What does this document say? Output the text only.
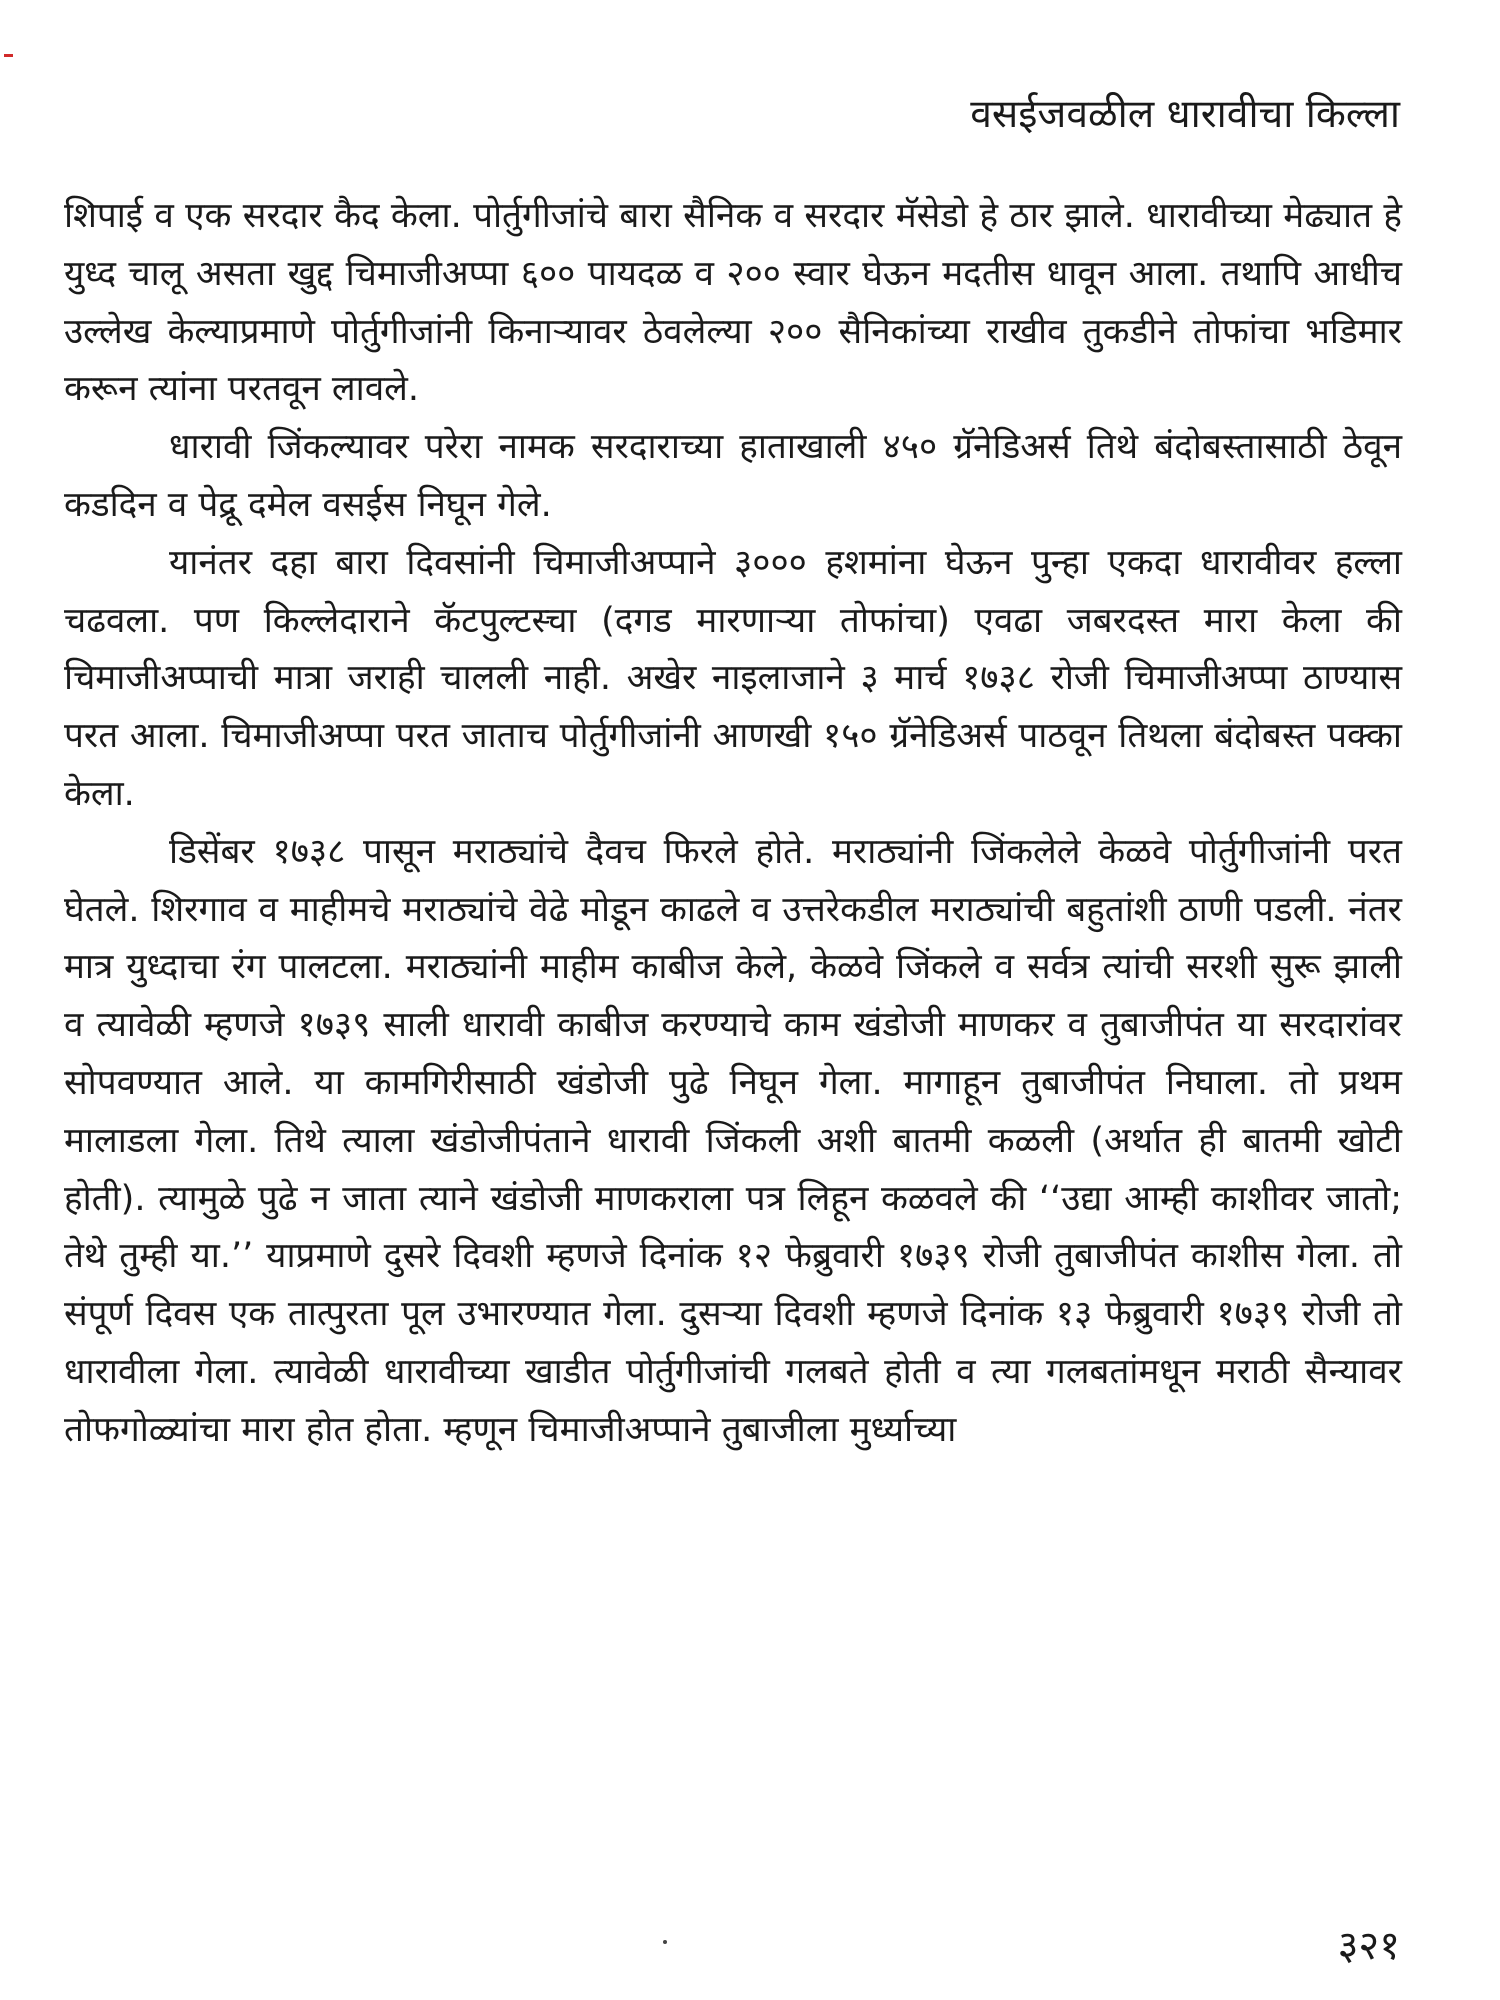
वसईजवळील धारावीचा किल्ला

शिपाई व एक सरदार कैद केला. पोर्तुगीजांचे बारा सैनिक व सरदार मॅसेडो हे ठार झाले. धारावीच्या मेढ्यात हे युध्द चालू असता खुद्द चिमाजीअप्पा ६०० पायदळ व २०० स्वार घेऊन मदतीस धावून आला. तथापि आधीच उल्लेख केल्याप्रमाणे पोर्तुगीजांनी किनाऱ्यावर ठेवलेल्या २०० सैनिकांच्या राखीव तुकडीने तोफांचा भडिमार करून त्यांना परतवून लावले.

धारावी जिंकल्यावर परेरा नामक सरदाराच्या हाताखाली ४५० ग्रॅनेडिअर्स तिथे बंदोबस्तासाठी ठेवून कडदिन व पेद्रू दमेल वसईस निघून गेले.

यानंतर दहा बारा दिवसांनी चिमाजीअप्पाने ३००० हशमांना घेऊन पुन्हा एकदा धारावीवर हल्ला चढवला. पण किल्लेदाराने कॅटपुल्टस्चा (दगड मारणाऱ्या तोफांचा) एवढा जबरदस्त मारा केला की चिमाजीअप्पाची मात्रा जराही चालली नाही. अखेर नाइलाजाने ३ मार्च १७३८ रोजी चिमाजीअप्पा ठाण्यास परत आला. चिमाजीअप्पा परत जाताच पोर्तुगीजांनी आणखी १५० ग्रॅनेडिअर्स पाठवून तिथला बंदोबस्त पक्का केला.

डिसेंबर १७३८ पासून मराठ्यांचे दैवच फिरले होते. मराठ्यांनी जिंकलेले केळवे पोर्तुगीजांनी परत घेतले. शिरगाव व माहीमचे मराठ्यांचे वेढे मोडून काढले व उत्तरेकडील मराठ्यांची बहुतांशी ठाणी पडली. नंतर मात्र युध्दाचा रंग पालटला. मराठ्यांनी माहीम काबीज केले, केळवे जिंकले व सर्वत्र त्यांची सरशी सुरू झाली व त्यावेळी म्हणजे १७३९ साली धारावी काबीज करण्याचे काम खंडोजी माणकर व तुबाजीपंत या सरदारांवर सोपवण्यात आले. या कामगिरीसाठी खंडोजी पुढे निघून गेला. मागाहून तुबाजीपंत निघाला. तो प्रथम मालाडला गेला. तिथे त्याला खंडोजीपंताने धारावी जिंकली अशी बातमी कळली (अर्थात ही बातमी खोटी होती). त्यामुळे पुढे न जाता त्याने खंडोजी माणकराला पत्र लिहून कळवले की ‘‘उद्या आम्ही काशीवर जातो; तेथे तुम्ही या.’’ याप्रमाणे दुसरे दिवशी म्हणजे दिनांक १२ फेब्रुवारी १७३९ रोजी तुबाजीपंत काशीस गेला. तो संपूर्ण दिवस एक तात्पुरता पूल उभारण्यात गेला. दुसऱ्या दिवशी म्हणजे दिनांक १३ फेब्रुवारी १७३९ रोजी तो धारावीला गेला. त्यावेळी धारावीच्या खाडीत पोर्तुगीजांची गलबते होती व त्या गलबतांमधून मराठी सैन्यावर तोफगोळ्यांचा मारा होत होता. म्हणून चिमाजीअप्पाने तुबाजीला मुर्ध्याच्या

३२१
